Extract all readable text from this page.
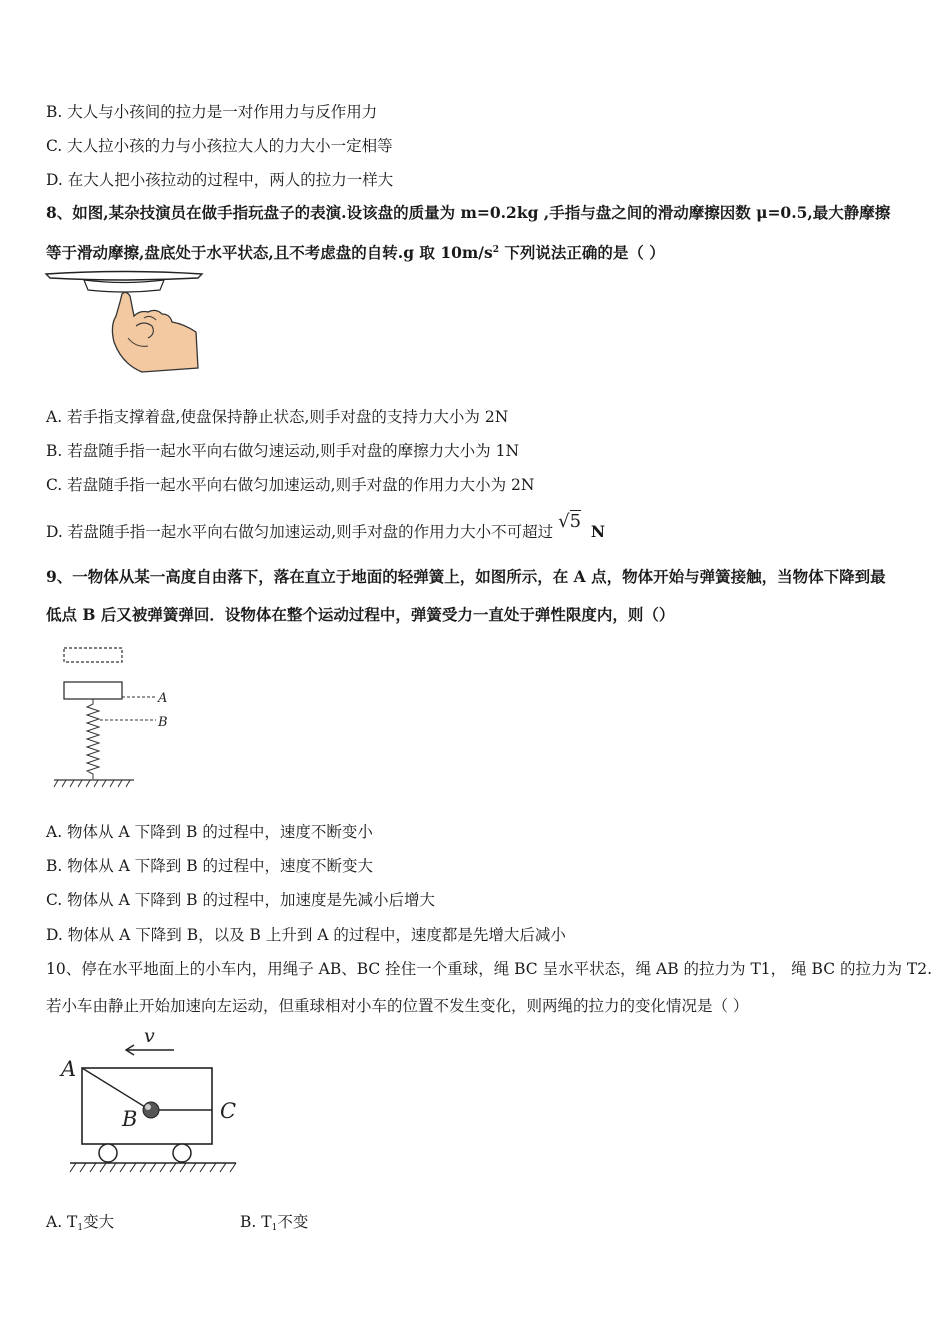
B. 大人与小孩间的拉力是一对作用力与反作用力
C. 大人拉小孩的力与小孩拉大人的力大小一定相等
D. 在大人把小孩拉动的过程中，两人的拉力一样大
8、如图,某杂技演员在做手指玩盘子的表演.设该盘的质量为 m=0.2kg ,手指与盘之间的滑动摩擦因数 μ=0.5,最大静摩擦
等于滑动摩擦,盘底处于水平状态,且不考虑盘的自转.g 取 $10m/s^2$ 下列说法正确的是（ ）
A. 若手指支撑着盘,使盘保持静止状态,则手对盘的支持力大小为 2N
B. 若盘随手指一起水平向右做匀速运动,则手对盘的摩擦力大小为 1N
C. 若盘随手指一起水平向右做匀加速运动,则手对盘的作用力大小为 2N
D. 若盘随手指一起水平向右做匀加速运动,则手对盘的作用力大小不可超过 √5 N
9、一物体从某一高度自由落下，落在直立于地面的轻弹簧上，如图所示，在 A 点，物体开始与弹簧接触，当物体下降到最
低点 B 后又被弹簧弹回．设物体在整个运动过程中，弹簧受力一直处于弹性限度内，则（）
A
B
A. 物体从 A 下降到 B 的过程中，速度不断变小
B. 物体从 A 下降到 B 的过程中，速度不断变大
C. 物体从 A 下降到 B 的过程中，加速度是先减小后增大
D. 物体从 A 下降到 B，以及 B 上升到 A 的过程中，速度都是先增大后减小
10、停在水平地面上的小车内，用绳子 AB、BC 拴住一个重球，绳 BC 呈水平状态，绳 AB 的拉力为 T1， 绳 BC 的拉力为 T2.
若小车由静止开始加速向左运动，但重球相对小车的位置不发生变化，则两绳的拉力的变化情况是（ ）
v
A
B	C
A. $T_1$变大	B. $T_1$不变
